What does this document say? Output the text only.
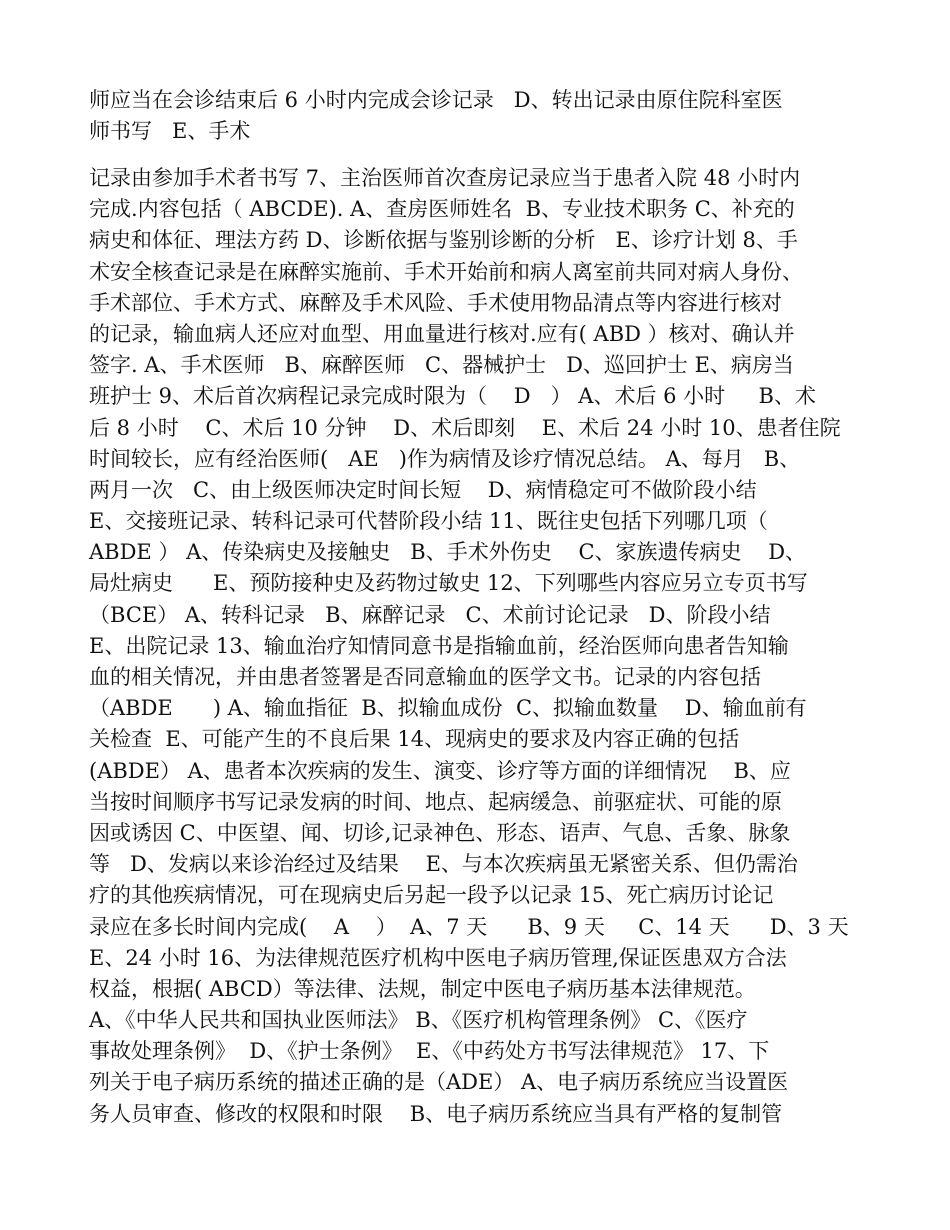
师应当在会诊结束后 6 小时内完成会诊记录   D、转出记录由原住院科室医
师书写   E、手术
记录由参加手术者书写 7、主治医师首次查房记录应当于患者入院 48 小时内
完成.内容包括（ ABCDE). A、查房医师姓名  B、专业技术职务 C、补充的
病史和体征、理法方药 D、诊断依据与鉴别诊断的分析   E、诊疗计划 8、手
术安全核查记录是在麻醉实施前、手术开始前和病人离室前共同对病人身份、
手术部位、手术方式、麻醉及手术风险、手术使用物品清点等内容进行核对
的记录，输血病人还应对血型、用血量进行核对.应有( ABD ）核对、确认并
签字. A、手术医师   B、麻醉医师   C、器械护士   D、巡回护士 E、病房当
班护士 9、术后首次病程记录完成时限为（    D   ） A、术后 6 小时     B、术
后 8 小时    C、术后 10 分钟    D、术后即刻    E、术后 24 小时 10、患者住院
时间较长，应有经治医师(   AE   )作为病情及诊疗情况总结。 A、每月   B、
两月一次   C、由上级医师决定时间长短    D、病情稳定可不做阶段小结
E、交接班记录、转科记录可代替阶段小结 11、既往史包括下列哪几项（
ABDE ） A、传染病史及接触史   B、手术外伤史    C、家族遗传病史    D、
局灶病史      E、预防接种史及药物过敏史 12、下列哪些内容应另立专页书写
（BCE） A、转科记录   B、麻醉记录   C、术前讨论记录   D、阶段小结
E、出院记录 13、输血治疗知情同意书是指输血前，经治医师向患者告知输
血的相关情况，并由患者签署是否同意输血的医学文书。记录的内容包括
（ABDE      ) A、输血指征  B、拟输血成份  C、拟输血数量    D、输血前有
关检查  E、可能产生的不良后果 14、现病史的要求及内容正确的包括
(ABDE） A、患者本次疾病的发生、演变、诊疗等方面的详细情况    B、应
当按时间顺序书写记录发病的时间、地点、起病缓急、前驱症状、可能的原
因或诱因 C、中医望、闻、切诊,记录神色、形态、语声、气息、舌象、脉象
等   D、发病以来诊治经过及结果    E、与本次疾病虽无紧密关系、但仍需治
疗的其他疾病情况，可在现病史后另起一段予以记录 15、死亡病历讨论记
录应在多长时间内完成(    A    ）  A、7 天      B、9 天     C、14 天      D、3 天
E、24 小时 16、为法律规范医疗机构中医电子病历管理,保证医患双方合法
权益，根据( ABCD）等法律、法规，制定中医电子病历基本法律规范。
A、《中华人民共和国执业医师法》 B、《医疗机构管理条例》 C、《医疗
事故处理条例》  D、《护士条例》  E、《中药处方书写法律规范》 17、下
列关于电子病历系统的描述正确的是（ADE） A、电子病历系统应当设置医
务人员审查、修改的权限和时限    B、电子病历系统应当具有严格的复制管
